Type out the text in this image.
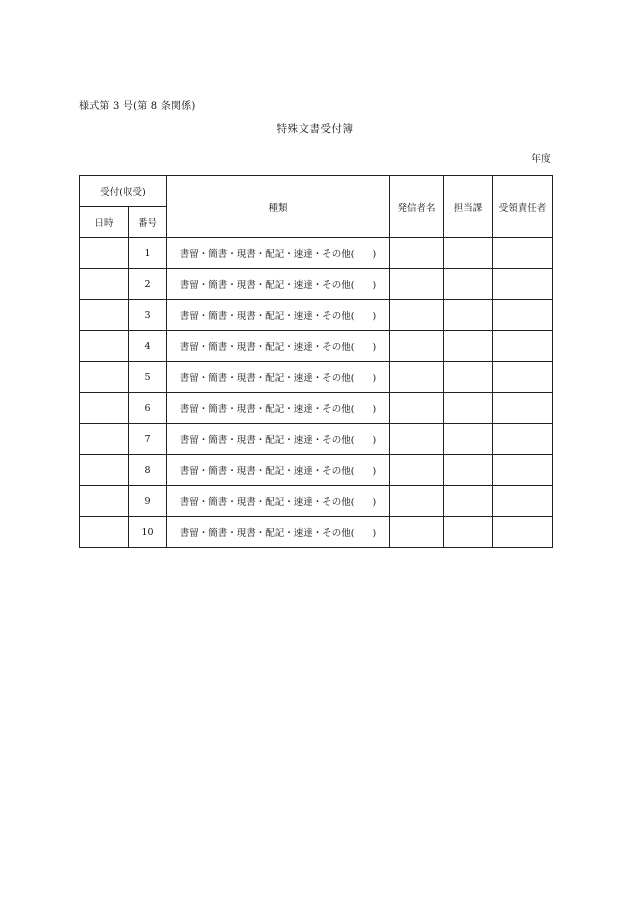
様式第 3 号(第 8 条関係)
特殊文書受付簿
年度
受付(収受)		種類	発信者名	担当課	受領責任者
日時	番号				
	1	書留・簡書・現書・配記・速達・その他( )			
	2	書留・簡書・現書・配記・速達・その他( )			
	3	書留・簡書・現書・配記・速達・その他( )			
	4	書留・簡書・現書・配記・速達・その他( )			
	5	書留・簡書・現書・配記・速達・その他( )			
	6	書留・簡書・現書・配記・速達・その他( )			
	7	書留・簡書・現書・配記・速達・その他( )			
	8	書留・簡書・現書・配記・速達・その他( )			
	9	書留・簡書・現書・配記・速達・その他( )			
	10	書留・簡書・現書・配記・速達・その他( )			
